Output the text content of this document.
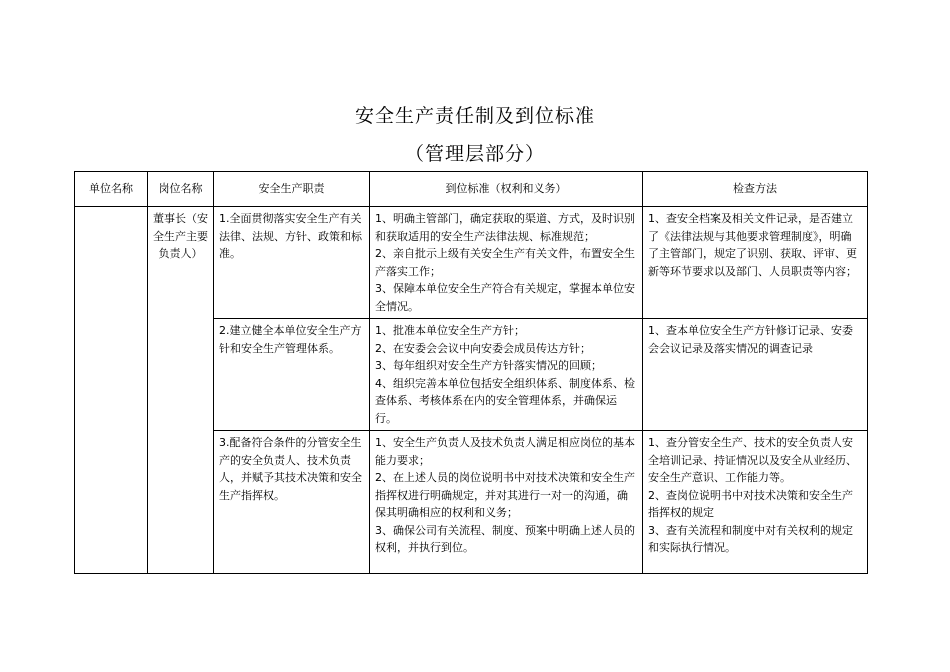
安全生产责任制及到位标准
（管理层部分）
单位名称	岗位名称	安全生产职责	到位标准（权利和义务）	检查方法
	董事长（安全生产主要负责人）	1.全面贯彻落实安全生产有关法律、法规、方针、政策和标准。	1、明确主管部门，确定获取的渠道、方式，及时识别和获取适用的安全生产法律法规、标准规范；
2、亲自批示上级有关安全生产有关文件，布置安全生产落实工作；
3、保障本单位安全生产符合有关规定，掌握本单位安全情况。	1、查安全档案及相关文件记录，是否建立了《法律法规与其他要求管理制度》，明确了主管部门，规定了识别、获取、评审、更新等环节要求以及部门、人员职责等内容；

		2.建立健全本单位安全生产方针和安全生产管理体系。	1、批准本单位安全生产方针；
2、在安委会会议中向安委会成员传达方针；
3、每年组织对安全生产方针落实情况的回顾；
4、组织完善本单位包括安全组织体系、制度体系、检查体系、考核体系在内的安全管理体系，并确保运行。	1、查本单位安全生产方针修订记录、安委会会议记录及落实情况的调查记录

		3.配备符合条件的分管安全生产的安全负责人、技术负责人，并赋予其技术决策和安全生产指挥权。	1、安全生产负责人及技术负责人满足相应岗位的基本能力要求；
2、在上述人员的岗位说明书中对技术决策和安全生产指挥权进行明确规定，并对其进行一对一的沟通，确保其明确相应的权利和义务；
3、确保公司有关流程、制度、预案中明确上述人员的权利，并执行到位。	1、查分管安全生产、技术的安全负责人安全培训记录、持证情况以及安全从业经历、安全生产意识、工作能力等。
2、查岗位说明书中对技术决策和安全生产指挥权的规定
3、查有关流程和制度中对有关权利的规定和实际执行情况。
